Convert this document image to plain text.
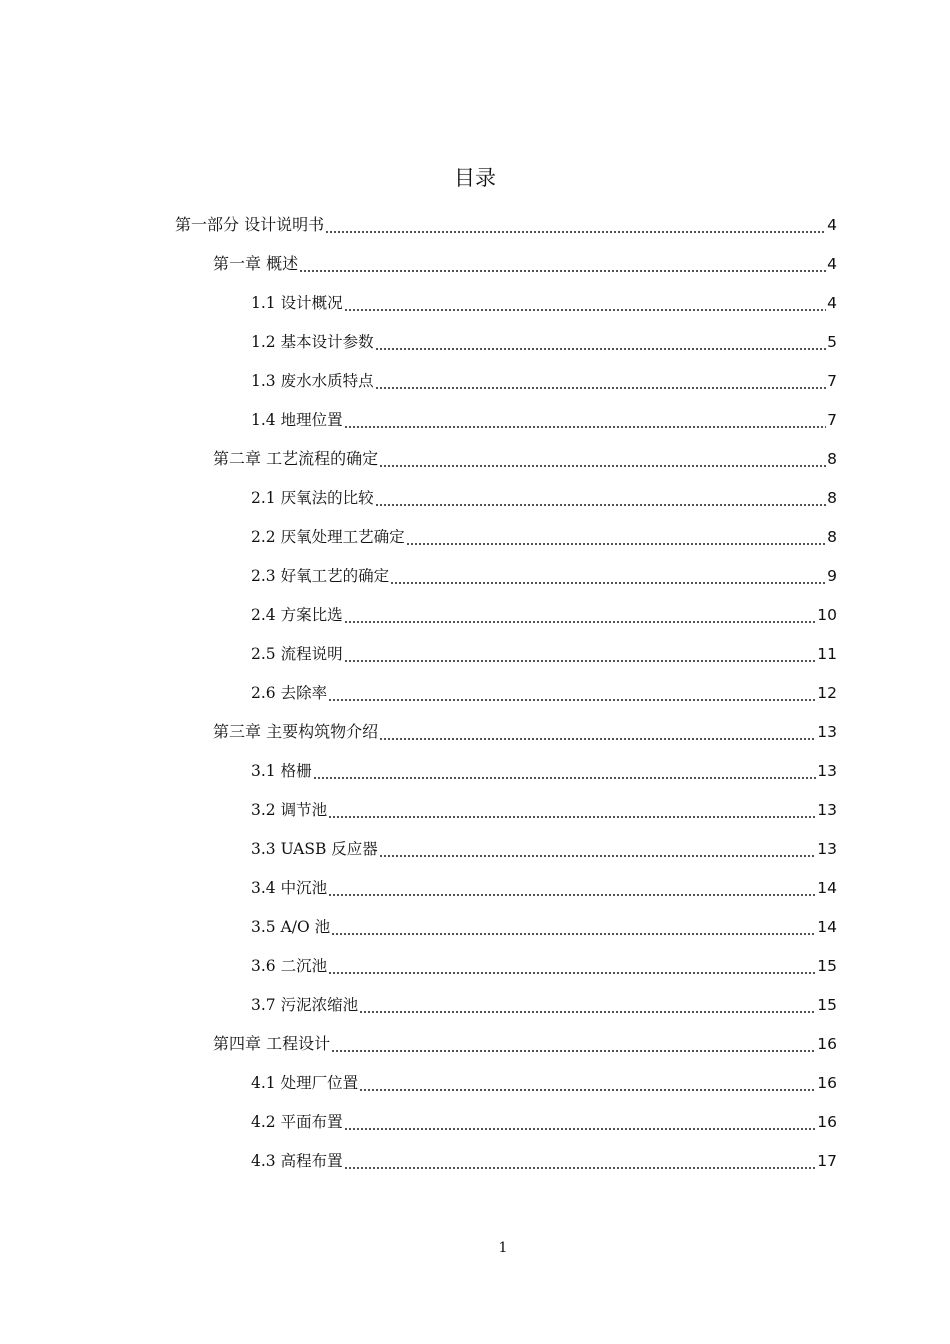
目录
第一部分 设计说明书	4
第一章 概述	4
1.1 设计概况	4
1.2 基本设计参数	5
1.3 废水水质特点	7
1.4 地理位置	7
第二章 工艺流程的确定	8
2.1 厌氧法的比较	8
2.2 厌氧处理工艺确定	8
2.3 好氧工艺的确定	9
2.4 方案比选	10
2.5 流程说明	11
2.6 去除率	12
第三章 主要构筑物介绍	13
3.1 格栅	13
3.2 调节池	13
3.3 UASB 反应器	13
3.4 中沉池	14
3.5 A/O 池	14
3.6 二沉池	15
3.7 污泥浓缩池	15
第四章 工程设计	16
4.1 处理厂位置	16
4.2 平面布置	16
4.3 高程布置	17
1
